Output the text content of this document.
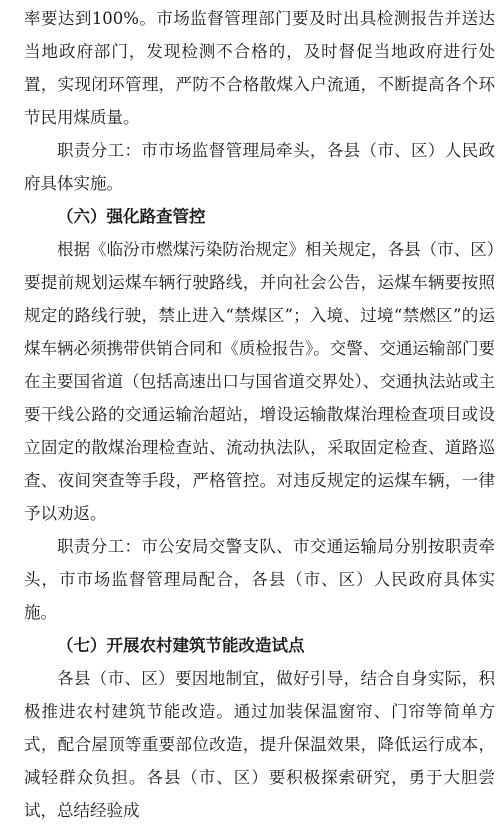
率要达到100%。市场监督管理部门要及时出具检测报告并送达当地政府部门，发现检测不合格的，及时督促当地政府进行处置，实现闭环管理，严防不合格散煤入户流通，不断提高各个环节民用煤质量。

职责分工：市市场监督管理局牵头，各县（市、区）人民政府具体实施。

（六）强化路查管控

根据《临汾市燃煤污染防治规定》相关规定，各县（市、区）要提前规划运煤车辆行驶路线，并向社会公告，运煤车辆要按照规定的路线行驶，禁止进入“禁煤区”；入境、过境“禁燃区”的运煤车辆必须携带供销合同和《质检报告》。交警、交通运输部门要在主要国省道（包括高速出口与国省道交界处）、交通执法站或主要干线公路的交通运输治超站，增设运输散煤治理检查项目或设立固定的散煤治理检查站、流动执法队，采取固定检查、道路巡查、夜间突查等手段，严格管控。对违反规定的运煤车辆，一律予以劝返。

职责分工：市公安局交警支队、市交通运输局分别按职责牵头，市市场监督管理局配合，各县（市、区）人民政府具体实施。

（七）开展农村建筑节能改造试点

各县（市、区）要因地制宜，做好引导，结合自身实际，积极推进农村建筑节能改造。通过加装保温窗帘、门帘等简单方式，配合屋顶等重要部位改造，提升保温效果，降低运行成本，减轻群众负担。各县（市、区）要积极探索研究，勇于大胆尝试，总结经验成
